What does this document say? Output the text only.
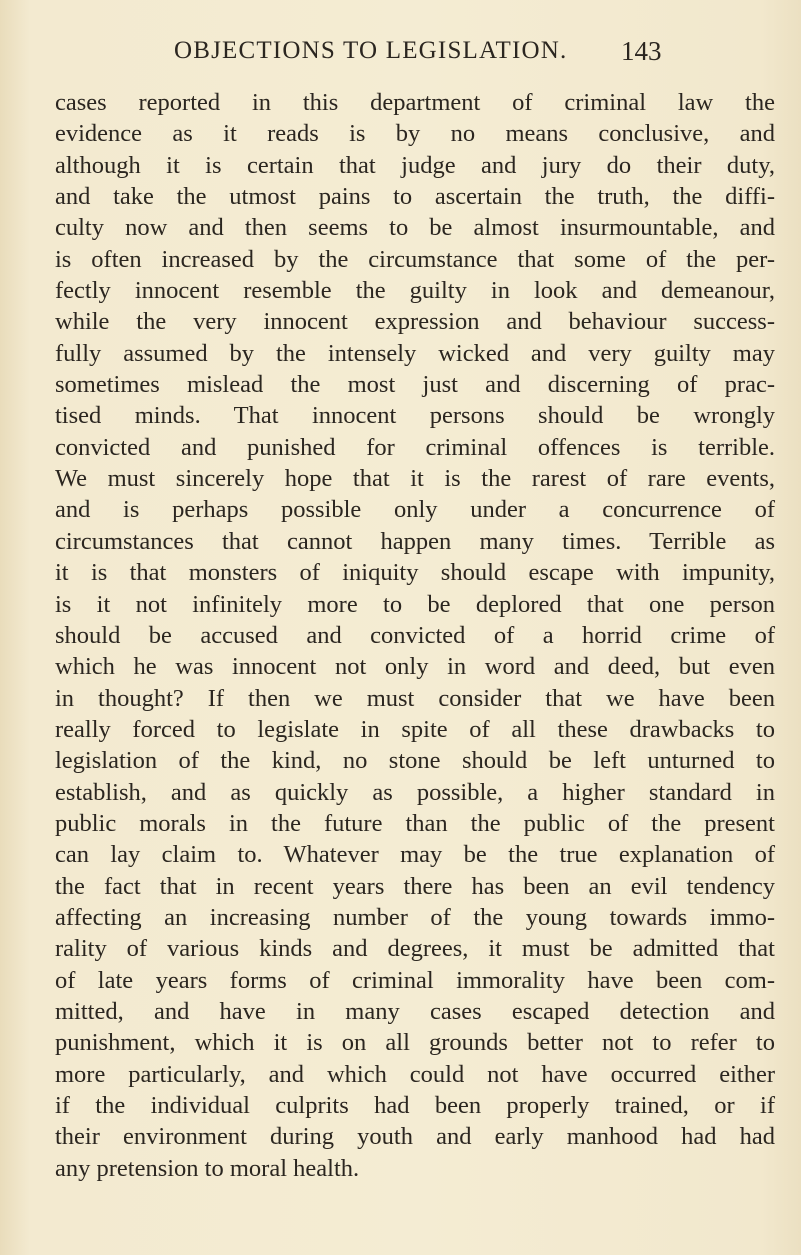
OBJECTIONS TO LEGISLATION. 143
cases reported in this department of criminal law the
evidence as it reads is by no means conclusive, and
although it is certain that judge and jury do their duty,
and take the utmost pains to ascertain the truth, the diffi-
culty now and then seems to be almost insurmountable, and
is often increased by the circumstance that some of the per-
fectly innocent resemble the guilty in look and demeanour,
while the very innocent expression and behaviour success-
fully assumed by the intensely wicked and very guilty may
sometimes mislead the most just and discerning of prac-
tised minds. That innocent persons should be wrongly
convicted and punished for criminal offences is terrible.
We must sincerely hope that it is the rarest of rare events,
and is perhaps possible only under a concurrence of
circumstances that cannot happen many times. Terrible as
it is that monsters of iniquity should escape with impunity,
is it not infinitely more to be deplored that one person
should be accused and convicted of a horrid crime of
which he was innocent not only in word and deed, but even
in thought? If then we must consider that we have been
really forced to legislate in spite of all these drawbacks to
legislation of the kind, no stone should be left unturned to
establish, and as quickly as possible, a higher standard in
public morals in the future than the public of the present
can lay claim to. Whatever may be the true explanation of
the fact that in recent years there has been an evil tendency
affecting an increasing number of the young towards immo-
rality of various kinds and degrees, it must be admitted that
of late years forms of criminal immorality have been com-
mitted, and have in many cases escaped detection and
punishment, which it is on all grounds better not to refer to
more particularly, and which could not have occurred either
if the individual culprits had been properly trained, or if
their environment during youth and early manhood had had
any pretension to moral health.
